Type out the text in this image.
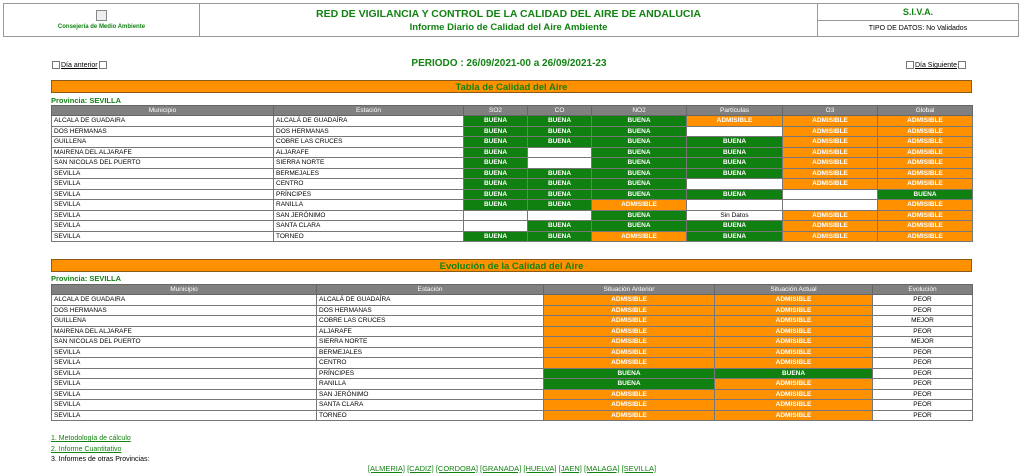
Consejería de Medio Ambiente

RED DE VIGILANCIA Y CONTROL DE LA CALIDAD DEL AIRE DE ANDALUCIA
Informe Diario de Calidad del Aire Ambiente

S.I.V.A.
TIPO DE DATOS: No Validados
Día anterior	PERIODO : 26/09/2021-00 a 26/09/2021-23	Día Siguiente
Tabla de Calidad del Aire
Provincia: SEVILLA
Municipio	Estación	SO2	CO	NO2	Partículas	O3	Global
ALCALA DE GUADAIRA	ALCALÁ DE GUADAÍRA	BUENA	BUENA	BUENA	ADMISIBLE	ADMISIBLE	ADMISIBLE
DOS HERMANAS	DOS HERMANAS	BUENA	BUENA	BUENA		ADMISIBLE	ADMISIBLE
GUILLENA	COBRE LAS CRUCES	BUENA	BUENA	BUENA	BUENA	ADMISIBLE	ADMISIBLE
MAIRENA DEL ALJARAFE	ALJARAFE	BUENA		BUENA	BUENA	ADMISIBLE	ADMISIBLE
SAN NICOLAS DEL PUERTO	SIERRA NORTE	BUENA		BUENA	BUENA	ADMISIBLE	ADMISIBLE
SEVILLA	BERMEJALES	BUENA	BUENA	BUENA	BUENA	ADMISIBLE	ADMISIBLE
SEVILLA	CENTRO	BUENA	BUENA	BUENA		ADMISIBLE	ADMISIBLE
SEVILLA	PRÍNCIPES	BUENA	BUENA	BUENA	BUENA		BUENA
SEVILLA	RANILLA	BUENA	BUENA	ADMISIBLE			ADMISIBLE
SEVILLA	SAN JERÓNIMO			BUENA	Sin Datos	ADMISIBLE	ADMISIBLE
SEVILLA	SANTA CLARA		BUENA	BUENA	BUENA	ADMISIBLE	ADMISIBLE
SEVILLA	TORNEO	BUENA	BUENA	ADMISIBLE	BUENA	ADMISIBLE	ADMISIBLE
Evolución de la Calidad del Aire
Provincia: SEVILLA
Municipio	Estación	Situación Anterior	Situación Actual	Evolución
ALCALA DE GUADAIRA	ALCALÁ DE GUADAÍRA	ADMISIBLE	ADMISIBLE	PEOR
DOS HERMANAS	DOS HERMANAS	ADMISIBLE	ADMISIBLE	PEOR
GUILLENA	COBRE LAS CRUCES	ADMISIBLE	ADMISIBLE	MEJOR
MAIRENA DEL ALJARAFE	ALJARAFE	ADMISIBLE	ADMISIBLE	PEOR
SAN NICOLAS DEL PUERTO	SIERRA NORTE	ADMISIBLE	ADMISIBLE	MEJOR
SEVILLA	BERMEJALES	ADMISIBLE	ADMISIBLE	PEOR
SEVILLA	CENTRO	ADMISIBLE	ADMISIBLE	PEOR
SEVILLA	PRÍNCIPES	BUENA	BUENA	PEOR
SEVILLA	RANILLA	BUENA	ADMISIBLE	PEOR
SEVILLA	SAN JERÓNIMO	ADMISIBLE	ADMISIBLE	PEOR
SEVILLA	SANTA CLARA	ADMISIBLE	ADMISIBLE	PEOR
SEVILLA	TORNEO	ADMISIBLE	ADMISIBLE	PEOR
1. Metodología de cálculo
2. Informe Cuantitativo
3. Informes de otras Provincias:
[ALMERIA] [CADIZ] [CORDOBA] [GRANADA] [HUELVA] [JAEN] [MALAGA] [SEVILLA]
